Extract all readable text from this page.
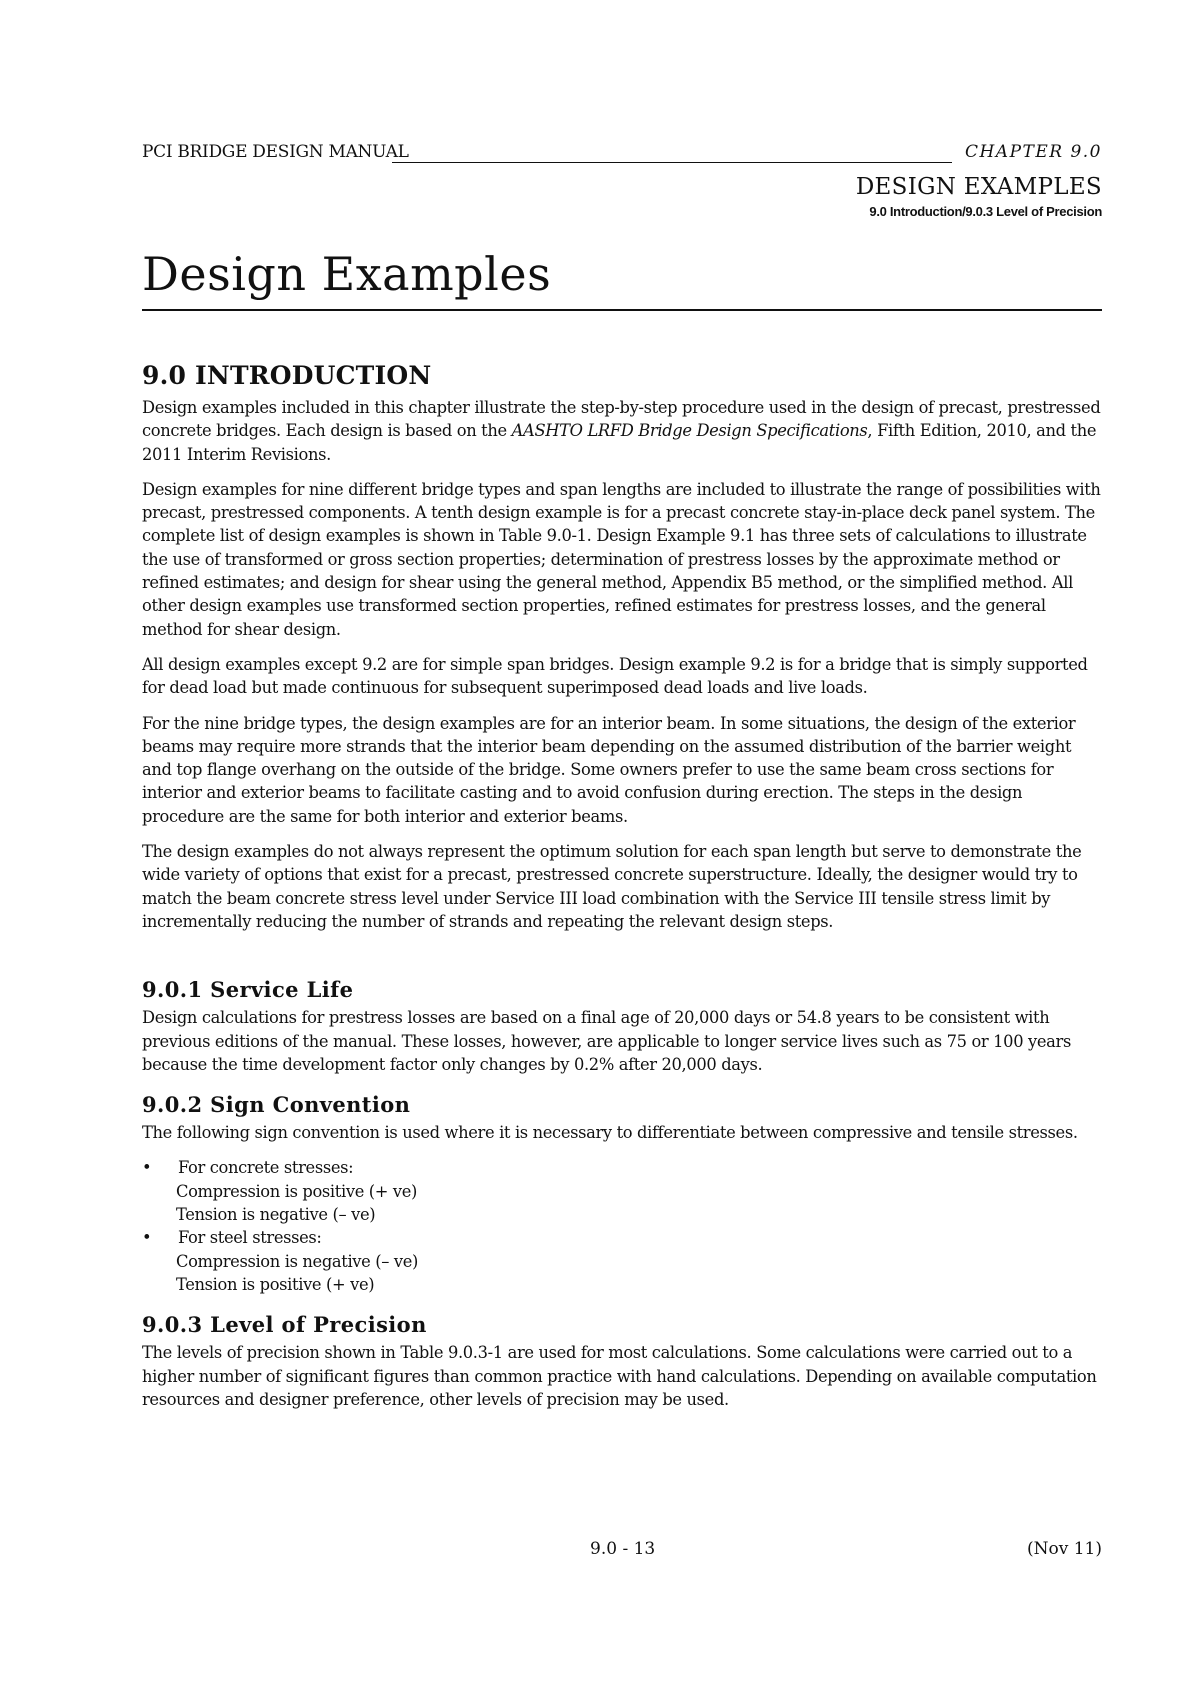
PCI BRIDGE DESIGN MANUAL	CHAPTER 9.0
DESIGN EXAMPLES
9.0 Introduction/9.0.3 Level of Precision
Design Examples
9.0 INTRODUCTION

Design examples included in this chapter illustrate the step-by-step procedure used in the design of precast, prestressed concrete bridges. Each design is based on the AASHTO LRFD Bridge Design Specifications, Fifth Edition, 2010, and the 2011 Interim Revisions.

Design examples for nine different bridge types and span lengths are included to illustrate the range of possibilities with precast, prestressed components. A tenth design example is for a precast concrete stay-in-place deck panel system. The complete list of design examples is shown in Table 9.0-1. Design Example 9.1 has three sets of calculations to illustrate the use of transformed or gross section properties; determination of prestress losses by the approximate method or refined estimates; and design for shear using the general method, Appendix B5 method, or the simplified method. All other design examples use transformed section properties, refined estimates for prestress losses, and the general method for shear design.

All design examples except 9.2 are for simple span bridges. Design example 9.2 is for a bridge that is simply supported for dead load but made continuous for subsequent superimposed dead loads and live loads.

For the nine bridge types, the design examples are for an interior beam. In some situations, the design of the exterior beams may require more strands that the interior beam depending on the assumed distribution of the barrier weight and top flange overhang on the outside of the bridge. Some owners prefer to use the same beam cross sections for interior and exterior beams to facilitate casting and to avoid confusion during erection. The steps in the design procedure are the same for both interior and exterior beams.

The design examples do not always represent the optimum solution for each span length but serve to demonstrate the wide variety of options that exist for a precast, prestressed concrete superstructure. Ideally, the designer would try to match the beam concrete stress level under Service III load combination with the Service III tensile stress limit by incrementally reducing the number of strands and repeating the relevant design steps.

9.0.1 Service Life

Design calculations for prestress losses are based on a final age of 20,000 days or 54.8 years to be consistent with previous editions of the manual. These losses, however, are applicable to longer service lives such as 75 or 100 years because the time development factor only changes by 0.2% after 20,000 days.

9.0.2 Sign Convention

The following sign convention is used where it is necessary to differentiate between compressive and tensile stresses.

• For concrete stresses:
Compression is positive (+ ve)
Tension is negative (– ve)
• For steel stresses:
Compression is negative (– ve)
Tension is positive (+ ve)
9.0.3 Level of Precision

The levels of precision shown in Table 9.0.3-1 are used for most calculations. Some calculations were carried out to a higher number of significant figures than common practice with hand calculations. Depending on available computation resources and designer preference, other levels of precision may be used.

9.0 - 13	(Nov 11)
